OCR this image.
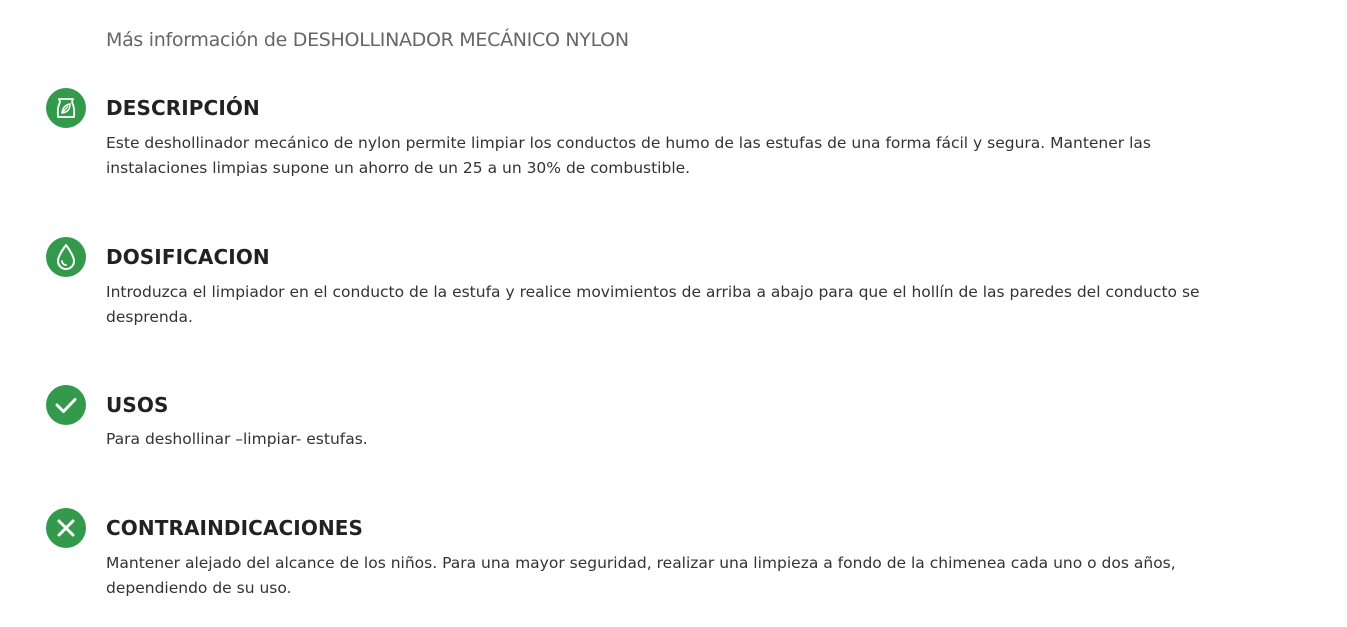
Más información de DESHOLLINADOR MECÁNICO NYLON
DESCRIPCIÓN
Este deshollinador mecánico de nylon permite limpiar los conductos de humo de las estufas de una forma fácil y segura. Mantener las instalaciones limpias supone un ahorro de un 25 a un 30% de combustible.
DOSIFICACION
Introduzca el limpiador en el conducto de la estufa y realice movimientos de arriba a abajo para que el hollín de las paredes del conducto se desprenda.
USOS
Para deshollinar –limpiar- estufas.
CONTRAINDICACIONES
Mantener alejado del alcance de los niños. Para una mayor seguridad, realizar una limpieza a fondo de la chimenea cada uno o dos años, dependiendo de su uso.
